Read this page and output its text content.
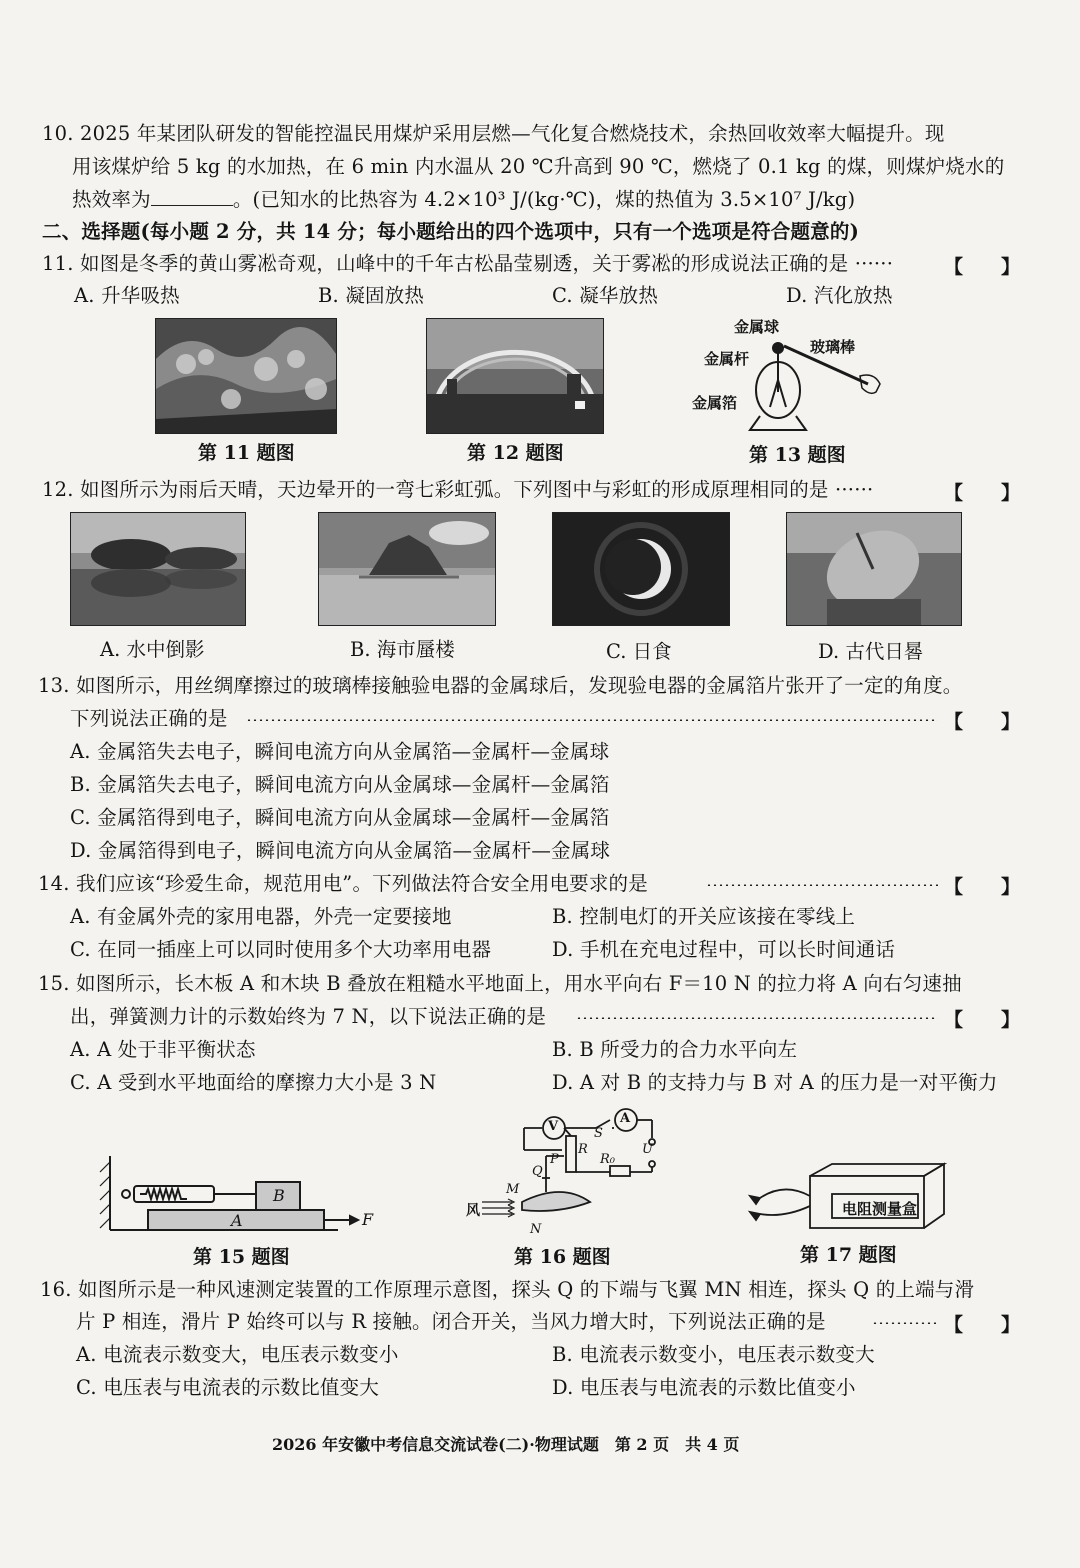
10. 2025 年某团队研发的智能控温民用煤炉采用层燃—气化复合燃烧技术，余热回收效率大幅提升。现
用该煤炉给 5 kg 的水加热，在 6 min 内水温从 20 ℃升高到 90 ℃，燃烧了 0.1 kg 的煤，则煤炉烧水的
热效率为	。(已知水的比热容为 4.2×10³ J/(kg·℃)，煤的热值为 3.5×10⁷ J/kg)
二、选择题(每小题 2 分，共 14 分；每小题给出的四个选项中，只有一个选项是符合题意的)
11. 如图是冬季的黄山雾凇奇观，山峰中的千年古松晶莹剔透，关于雾凇的形成说法正确的是 ······	【　　】
A. 升华吸热	B. 凝固放热	C. 凝华放热	D. 汽化放热
金属球
玻璃棒
金属杆
金属箔
第 11 题图	第 12 题图	第 13 题图
12. 如图所示为雨后天晴，天边晕开的一弯七彩虹弧。下列图中与彩虹的形成原理相同的是 ······	【　　】
A. 水中倒影	B. 海市蜃楼	C. 日食	D. 古代日晷
13. 如图所示，用丝绸摩擦过的玻璃棒接触验电器的金属球后，发现验电器的金属箔片张开了一定的角度。
下列说法正确的是	【　　】
A. 金属箔失去电子，瞬间电流方向从金属箔—金属杆—金属球
B. 金属箔失去电子，瞬间电流方向从金属球—金属杆—金属箔
C. 金属箔得到电子，瞬间电流方向从金属球—金属杆—金属箔
D. 金属箔得到电子，瞬间电流方向从金属箔—金属杆—金属球
14. 我们应该“珍爱生命，规范用电”。下列做法符合安全用电要求的是	【　　】
A. 有金属外壳的家用电器，外壳一定要接地	B. 控制电灯的开关应该接在零线上
C. 在同一插座上可以同时使用多个大功率用电器	D. 手机在充电过程中，可以长时间通话
15. 如图所示，长木板 A 和木块 B 叠放在粗糙水平地面上，用水平向右 F＝10 N 的拉力将 A 向右匀速抽
出，弹簧测力计的示数始终为 7 N，以下说法正确的是	【　　】
A. A 处于非平衡状态	B. B 所受力的合力水平向左
C. A 受到水平地面给的摩擦力大小是 3 N	D. A 对 B 的支持力与 B 对 A 的压力是一对平衡力
B
A	F
V	S
A
U
R
R₀
P
Q
M
N
风	电阻测量盒
第 15 题图	第 16 题图	第 17 题图
16. 如图所示是一种风速测定装置的工作原理示意图，探头 Q 的下端与飞翼 MN 相连，探头 Q 的上端与滑
片 P 相连，滑片 P 始终可以与 R 接触。闭合开关，当风力增大时，下列说法正确的是	【　　】
A. 电流表示数变大，电压表示数变小	B. 电流表示数变小，电压表示数变大
C. 电压表与电流表的示数比值变大	D. 电压表与电流表的示数比值变小
2026 年安徽中考信息交流试卷(二)·物理试题　第 2 页　共 4 页
